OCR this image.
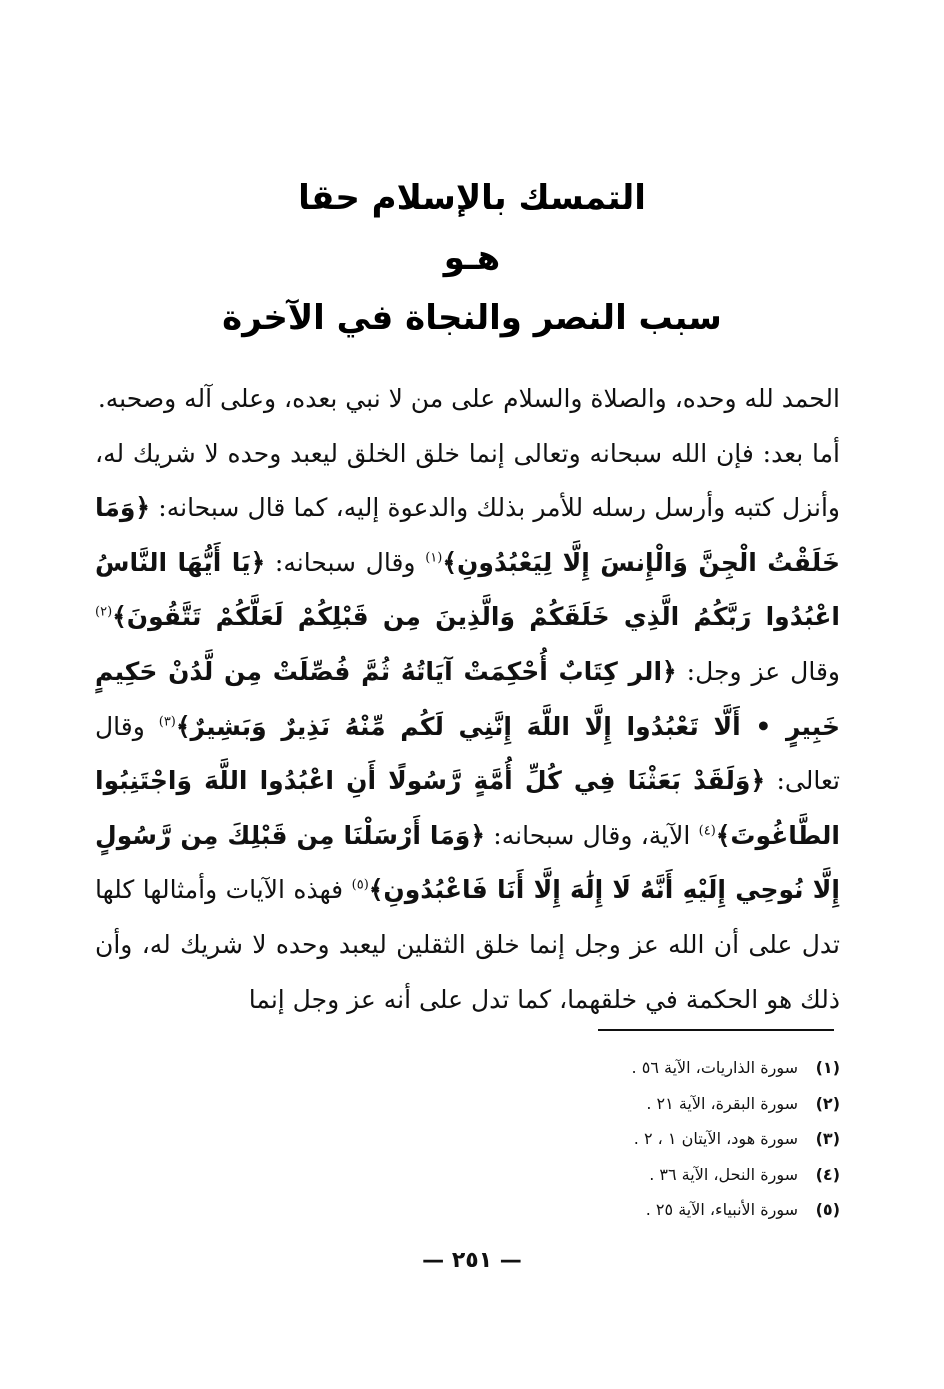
التمسك بالإسلام حقا
هـو
سبب النصر والنجاة في الآخرة

الحمد لله وحده، والصلاة والسلام على من لا نبي بعده، وعلى آله وصحبه.

أما بعد: فإن الله سبحانه وتعالى إنما خلق الخلق ليعبد وحده لا شريك له، وأنزل كتبه وأرسل رسله للأمر بذلك والدعوة إليه، كما قال سبحانه: ﴿وَمَا خَلَقْتُ الْجِنَّ وَالْإِنسَ إِلَّا لِيَعْبُدُونِ﴾$^{(١)}$ وقال سبحانه: ﴿يَا أَيُّهَا النَّاسُ اعْبُدُوا رَبَّكُمُ الَّذِي خَلَقَكُمْ وَالَّذِينَ مِن قَبْلِكُمْ لَعَلَّكُمْ تَتَّقُونَ﴾$^{(٢)}$ وقال عز وجل: ﴿الر كِتَابٌ أُحْكِمَتْ آيَاتُهُ ثُمَّ فُصِّلَتْ مِن لَّدُنْ حَكِيمٍ خَبِيرٍ • أَلَّا تَعْبُدُوا إِلَّا اللَّهَ إِنَّنِي لَكُم مِّنْهُ نَذِيرٌ وَبَشِيرٌ﴾$^{(٣)}$ وقال تعالى: ﴿وَلَقَدْ بَعَثْنَا فِي كُلِّ أُمَّةٍ رَّسُولًا أَنِ اعْبُدُوا اللَّهَ وَاجْتَنِبُوا الطَّاغُوتَ﴾$^{(٤)}$ الآية، وقال سبحانه: ﴿وَمَا أَرْسَلْنَا مِن قَبْلِكَ مِن رَّسُولٍ إِلَّا نُوحِي إِلَيْهِ أَنَّهُ لَا إِلَٰهَ إِلَّا أَنَا فَاعْبُدُونِ﴾$^{(٥)}$ فهذه الآيات وأمثالها كلها تدل على أن الله عز وجل إنما خلق الثقلين ليعبد وحده لا شريك له، وأن ذلك هو الحكمة في خلقهما، كما تدل على أنه عز وجل إنما

(١)سورة الذاريات، الآية ٥٦ .
(٢)سورة البقرة، الآية ٢١ .
(٣)سورة هود، الآيتان ١ ، ٢ .
(٤)سورة النحل، الآية ٣٦ .
(٥)سورة الأنبياء، الآية ٢٥ .
— ٢٥١ —
